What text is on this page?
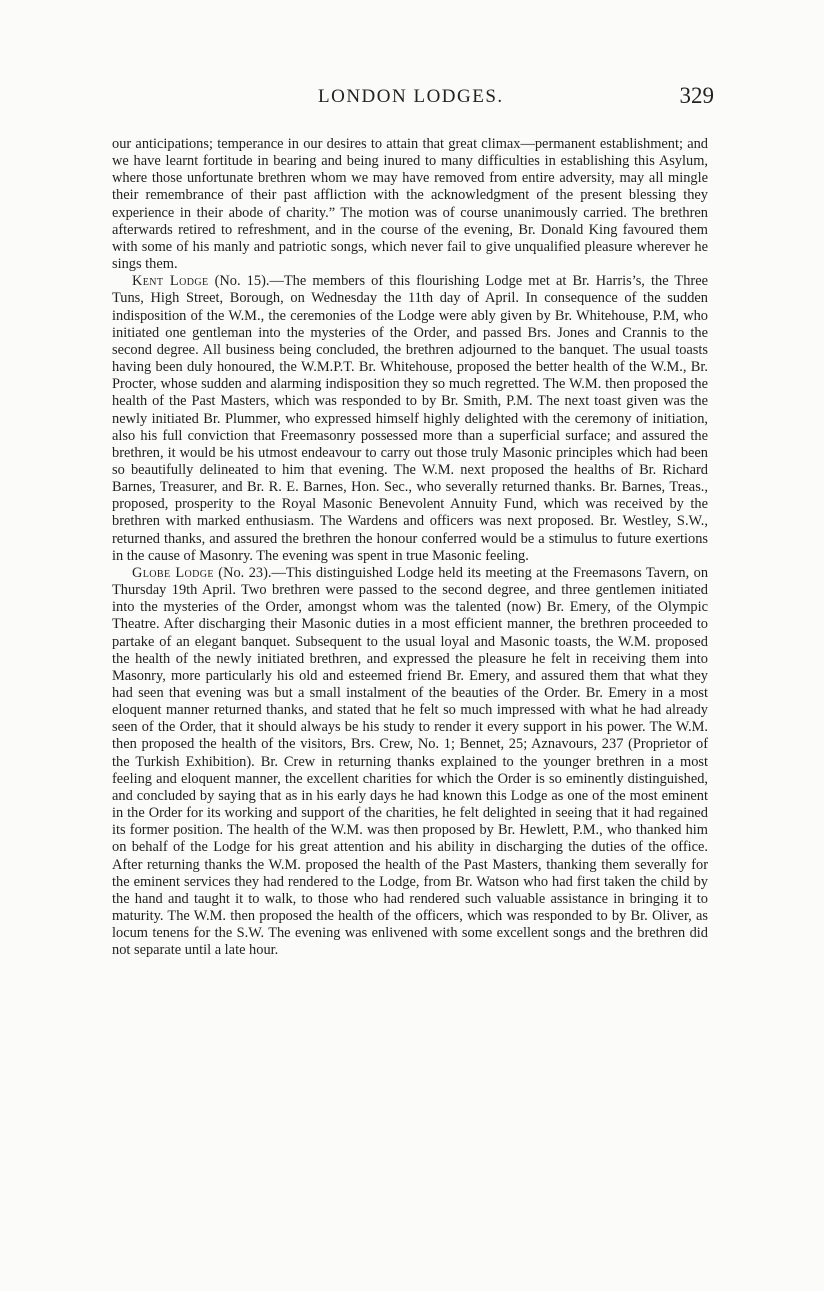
LONDON LODGES.	329

our anticipations; temperance in our desires to attain that great climax—permanent establishment; and we have learnt fortitude in bearing and being inured to many difficulties in establishing this Asylum, where those unfortunate brethren whom we may have removed from entire adversity, may all mingle their remembrance of their past affliction with the acknowledgment of the present blessing they experience in their abode of charity.” The motion was of course unanimously carried. The brethren afterwards retired to refreshment, and in the course of the evening, Br. Donald King favoured them with some of his manly and patriotic songs, which never fail to give unqualified pleasure wherever he sings them.

Kent Lodge (No. 15).—The members of this flourishing Lodge met at Br. Harris’s, the Three Tuns, High Street, Borough, on Wednesday the 11th day of April. In consequence of the sudden indisposition of the W.M., the ceremonies of the Lodge were ably given by Br. Whitehouse, P.M, who initiated one gentleman into the mysteries of the Order, and passed Brs. Jones and Crannis to the second degree. All business being concluded, the brethren adjourned to the banquet. The usual toasts having been duly honoured, the W.M.P.T. Br. Whitehouse, proposed the better health of the W.M., Br. Procter, whose sudden and alarming indisposition they so much regretted. The W.M. then proposed the health of the Past Masters, which was responded to by Br. Smith, P.M. The next toast given was the newly initiated Br. Plummer, who expressed himself highly delighted with the ceremony of initiation, also his full conviction that Freemasonry possessed more than a superficial surface; and assured the brethren, it would be his utmost endeavour to carry out those truly Masonic principles which had been so beautifully delineated to him that evening. The W.M. next proposed the healths of Br. Richard Barnes, Treasurer, and Br. R. E. Barnes, Hon. Sec., who severally returned thanks. Br. Barnes, Treas., proposed, prosperity to the Royal Masonic Benevolent Annuity Fund, which was received by the brethren with marked enthusiasm. The Wardens and officers was next proposed. Br. Westley, S.W., returned thanks, and assured the brethren the honour conferred would be a stimulus to future exertions in the cause of Masonry. The evening was spent in true Masonic feeling.

Globe Lodge (No. 23).—This distinguished Lodge held its meeting at the Freemasons Tavern, on Thursday 19th April. Two brethren were passed to the second degree, and three gentlemen initiated into the mysteries of the Order, amongst whom was the talented (now) Br. Emery, of the Olympic Theatre. After discharging their Masonic duties in a most efficient manner, the brethren proceeded to partake of an elegant banquet. Subsequent to the usual loyal and Masonic toasts, the W.M. proposed the health of the newly initiated brethren, and expressed the pleasure he felt in receiving them into Masonry, more particularly his old and esteemed friend Br. Emery, and assured them that what they had seen that evening was but a small instalment of the beauties of the Order. Br. Emery in a most eloquent manner returned thanks, and stated that he felt so much impressed with what he had already seen of the Order, that it should always be his study to render it every support in his power. The W.M. then proposed the health of the visitors, Brs. Crew, No. 1; Bennet, 25; Aznavours, 237 (Proprietor of the Turkish Exhibition). Br. Crew in returning thanks explained to the younger brethren in a most feeling and eloquent manner, the excellent charities for which the Order is so eminently distinguished, and concluded by saying that as in his early days he had known this Lodge as one of the most eminent in the Order for its working and support of the charities, he felt delighted in seeing that it had regained its former position. The health of the W.M. was then proposed by Br. Hewlett, P.M., who thanked him on behalf of the Lodge for his great attention and his ability in discharging the duties of the office. After returning thanks the W.M. proposed the health of the Past Masters, thanking them severally for the eminent services they had rendered to the Lodge, from Br. Watson who had first taken the child by the hand and taught it to walk, to those who had rendered such valuable assistance in bringing it to maturity. The W.M. then proposed the health of the officers, which was responded to by Br. Oliver, as locum tenens for the S.W. The evening was enlivened with some excellent songs and the brethren did not separate until a late hour.
